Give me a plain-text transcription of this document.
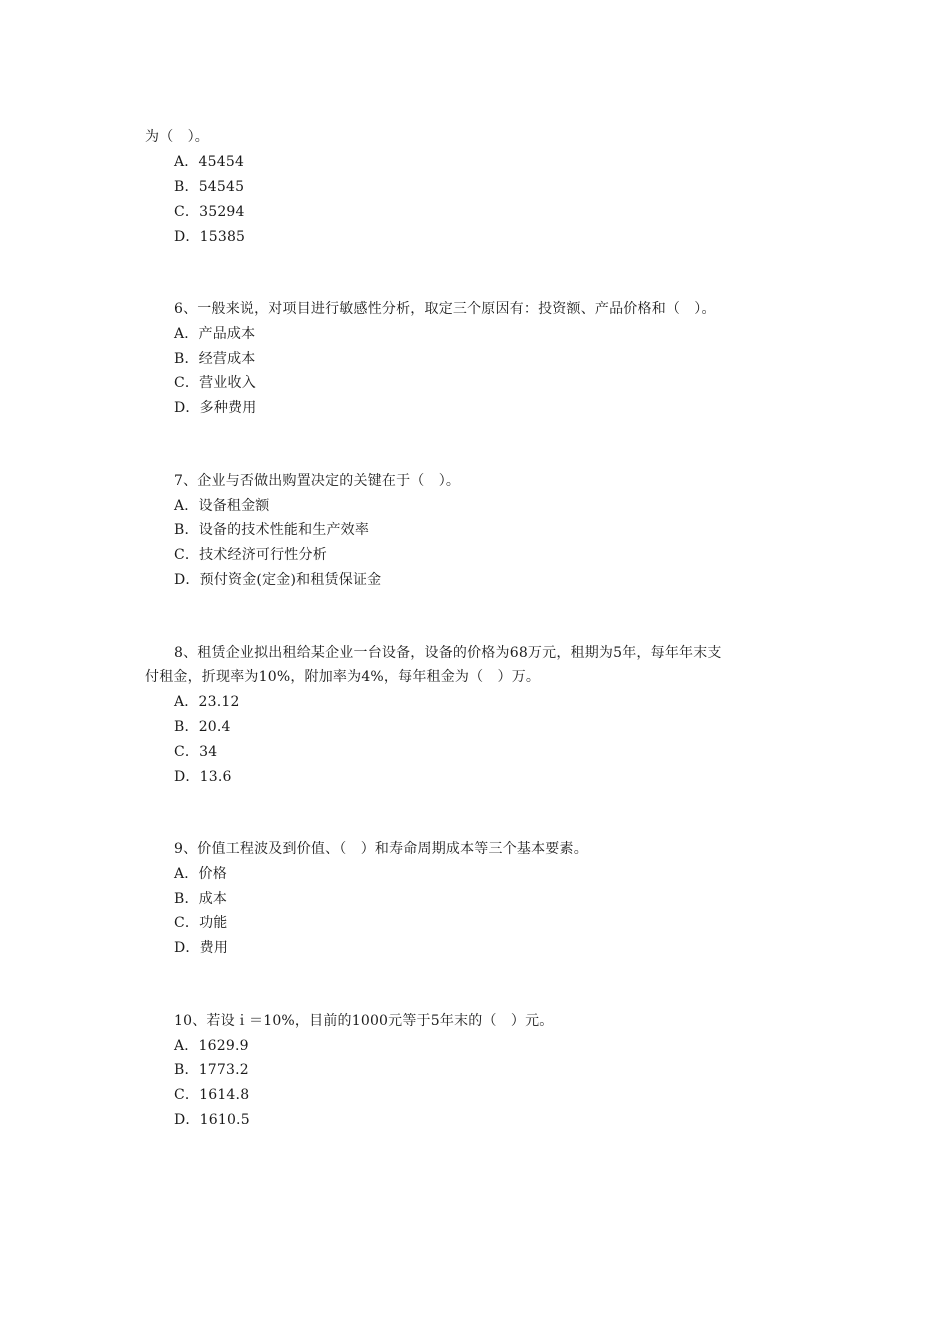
为（　）。
A．45454
B．54545
C．35294
D．15385
6、一般来说，对项目进行敏感性分析，取定三个原因有：投资额、产品价格和（　）。
A．产品成本
B．经营成本
C．营业收入
D．多种费用
7、企业与否做出购置决定的关键在于（　）。
A．设备租金额
B．设备的技术性能和生产效率
C．技术经济可行性分析
D．预付资金(定金)和租赁保证金
8、租赁企业拟出租给某企业一台设备，设备的价格为68万元，租期为5年，每年年末支
付租金，折现率为10%，附加率为4%，每年租金为（　）万。
A．23.12
B．20.4
C．34
D．13.6
9、价值工程波及到价值、（　）和寿命周期成本等三个基本要素。
A．价格
B．成本
C．功能
D．费用
10、若设ｉ＝10%，目前的1000元等于5年末的（　）元。
A．1629.9
B．1773.2
C．1614.8
D．1610.5
